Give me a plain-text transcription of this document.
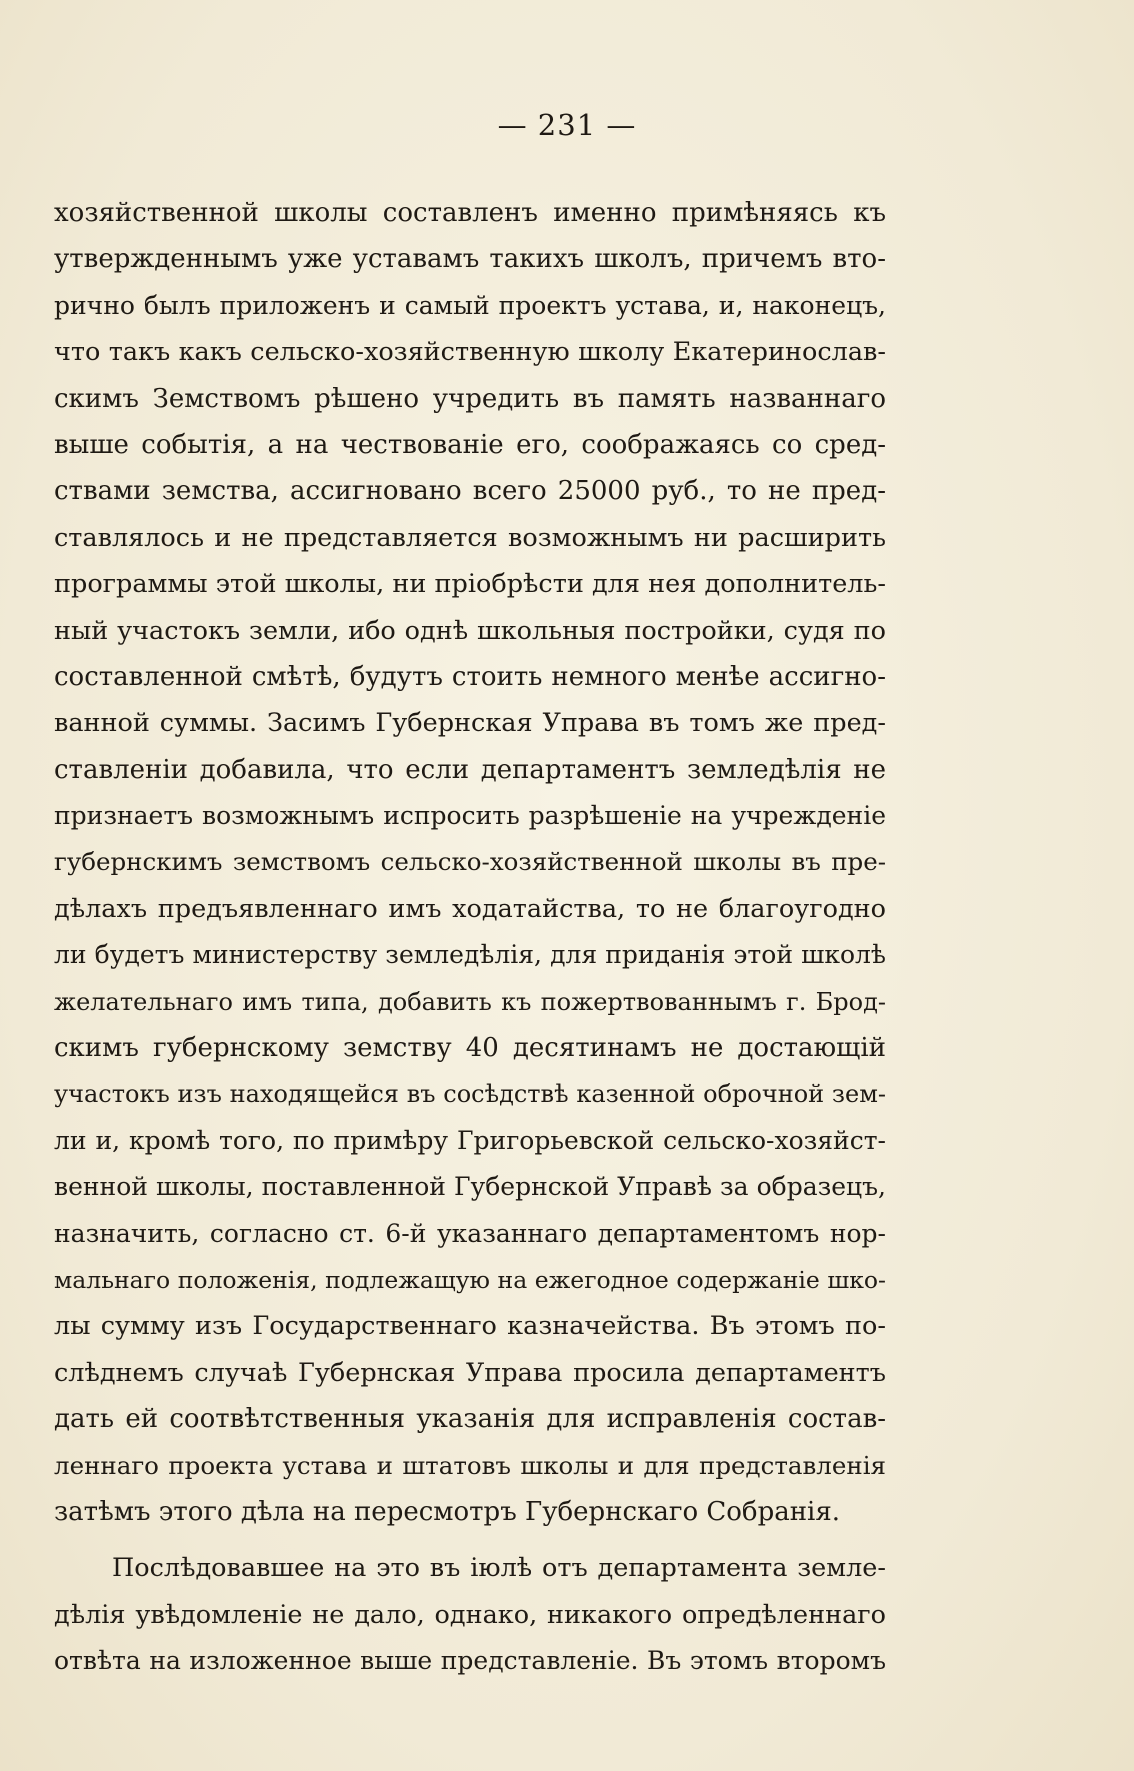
— 231 —
хозяйственной школы составленъ именно примѣняясь къ
утвержденнымъ уже уставамъ такихъ школъ, причемъ вто-
рично былъ приложенъ и самый проектъ устава, и, наконецъ,
что такъ какъ сельско-хозяйственную школу Екатеринослав-
скимъ Земствомъ рѣшено учредить въ память названнаго
выше событія, а на чествованіе его, соображаясь со сред-
ствами земства, ассигновано всего 25000 руб., то не пред-
ставлялось и не представляется возможнымъ ни расширить
программы этой школы, ни пріобрѣсти для нея дополнитель-
ный участокъ земли, ибо однѣ школьныя постройки, судя по
составленной смѣтѣ, будутъ стоить немного менѣе ассигно-
ванной суммы. Засимъ Губернская Управа въ томъ же пред-
ставленіи добавила, что если департаментъ земледѣлія не
признаетъ возможнымъ испросить разрѣшеніе на учрежденіе
губернскимъ земствомъ сельско-хозяйственной школы въ пре-
дѣлахъ предъявленнаго имъ ходатайства, то не благоугодно
ли будетъ министерству земледѣлія, для приданія этой школѣ
желательнаго имъ типа, добавить къ пожертвованнымъ г. Брод-
скимъ губернскому земству 40 десятинамъ не достающій
участокъ изъ находящейся въ сосѣдствѣ казенной оброчной зем-
ли и, кромѣ того, по примѣру Григорьевской сельско-хозяйст-
венной школы, поставленной Губернской Управѣ за образецъ,
назначить, согласно ст. 6-й указаннаго департаментомъ нор-
мальнаго положенія, подлежащую на ежегодное содержаніе шко-
лы сумму изъ Государственнаго казначейства. Въ этомъ по-
слѣднемъ случаѣ Губернская Управа просила департаментъ
дать ей соотвѣтственныя указанія для исправленія состав-
леннаго проекта устава и штатовъ школы и для представленія
затѣмъ этого дѣла на пересмотръ Губернскаго Собранія.
Послѣдовавшее на это въ іюлѣ отъ департамента земле-
дѣлія увѣдомленіе не дало, однако, никакого опредѣленнаго
отвѣта на изложенное выше представленіе. Въ этомъ второмъ
